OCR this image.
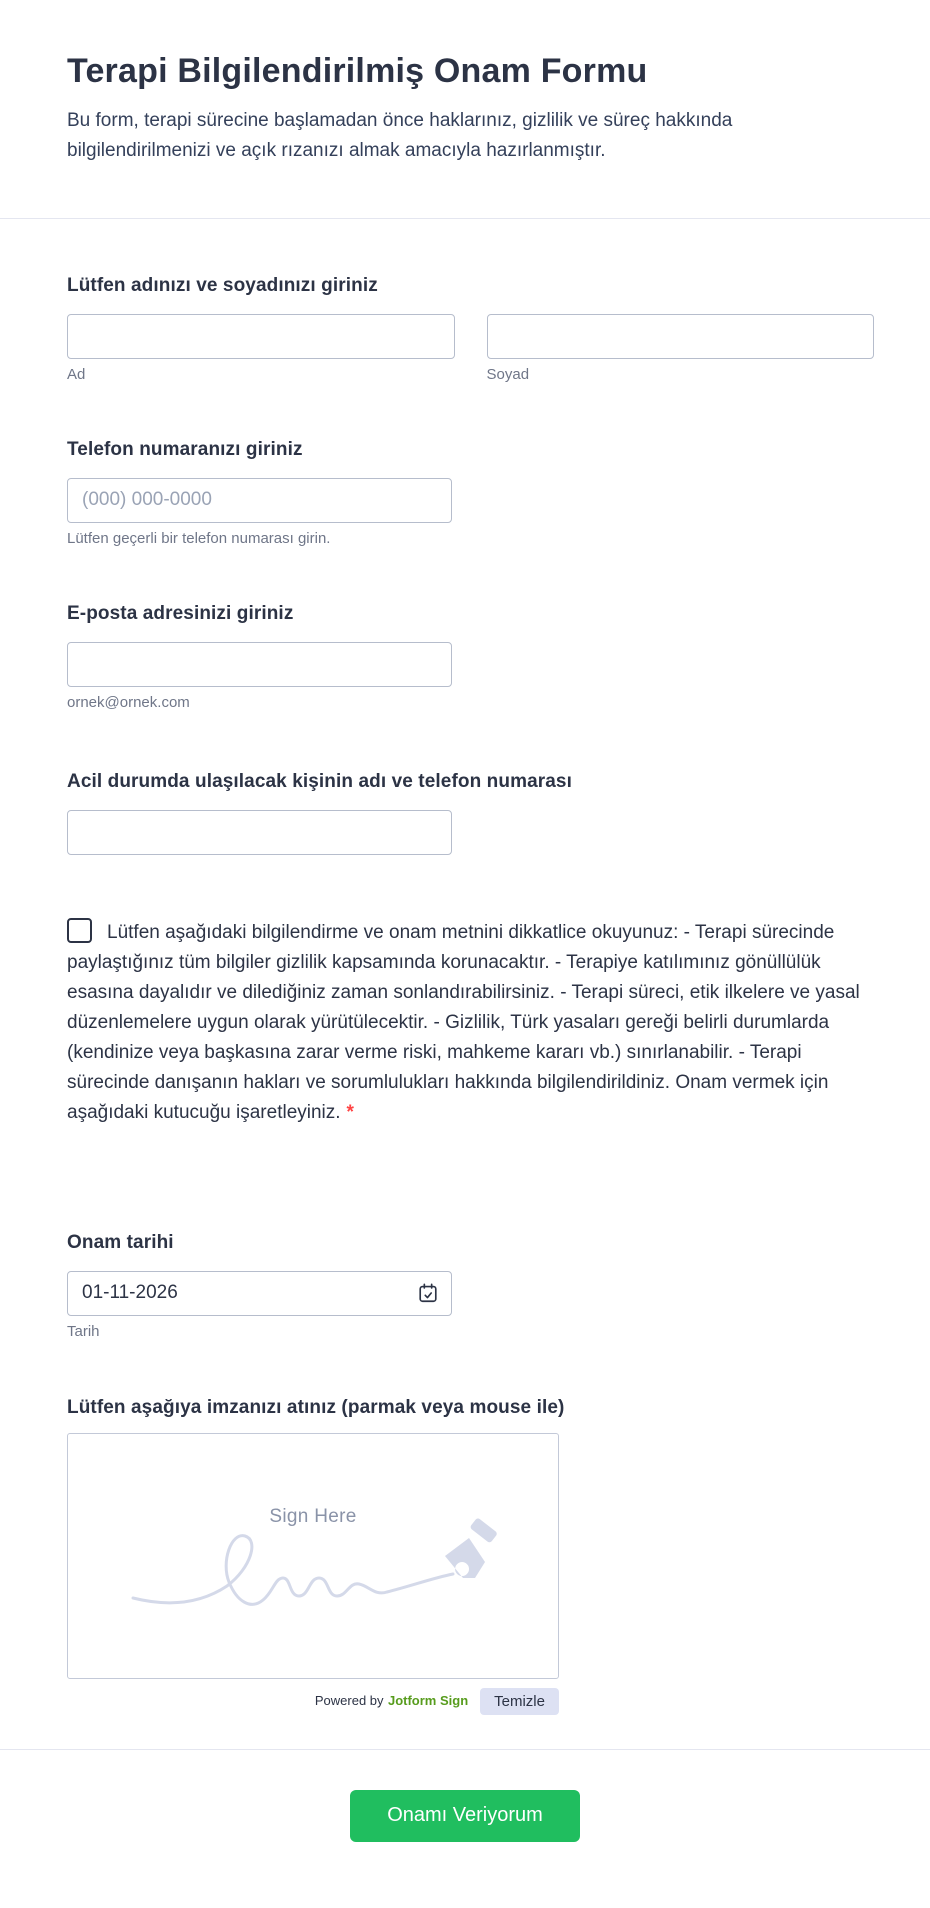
Terapi Bilgilendirilmiş Onam Formu

Bu form, terapi sürecine başlamadan önce haklarınız, gizlilik ve süreç hakkında bilgilendirilmenizi ve açık rızanızı almak amacıyla hazırlanmıştır.

Lütfen adınızı ve soyadınızı giriniz
Ad	Soyad
Telefon numaranızı giriniz
(000) 000-0000
Lütfen geçerli bir telefon numarası girin.
E-posta adresinizi giriniz
ornek@ornek.com
Acil durumda ulaşılacak kişinin adı ve telefon numarası
Lütfen aşağıdaki bilgilendirme ve onam metnini dikkatlice okuyunuz: - Terapi sürecinde paylaştığınız tüm bilgiler gizlilik kapsamında korunacaktır. - Terapiye katılımınız gönüllülük esasına dayalıdır ve dilediğiniz zaman sonlandırabilirsiniz. - Terapi süreci, etik ilkelere ve yasal düzenlemelere uygun olarak yürütülecektir. - Gizlilik, Türk yasaları gereği belirli durumlarda (kendinize veya başkasına zarar verme riski, mahkeme kararı vb.) sınırlanabilir. - Terapi sürecinde danışanın hakları ve sorumlulukları hakkında bilgilendirildiniz. Onam vermek için aşağıdaki kutucuğu işaretleyiniz. *
Onam tarihi
01-11-2026
Tarih
Lütfen aşağıya imzanızı atınız (parmak veya mouse ile)
Sign Here
Powered by Jotform Sign	Temizle
Onamı Veriyorum
